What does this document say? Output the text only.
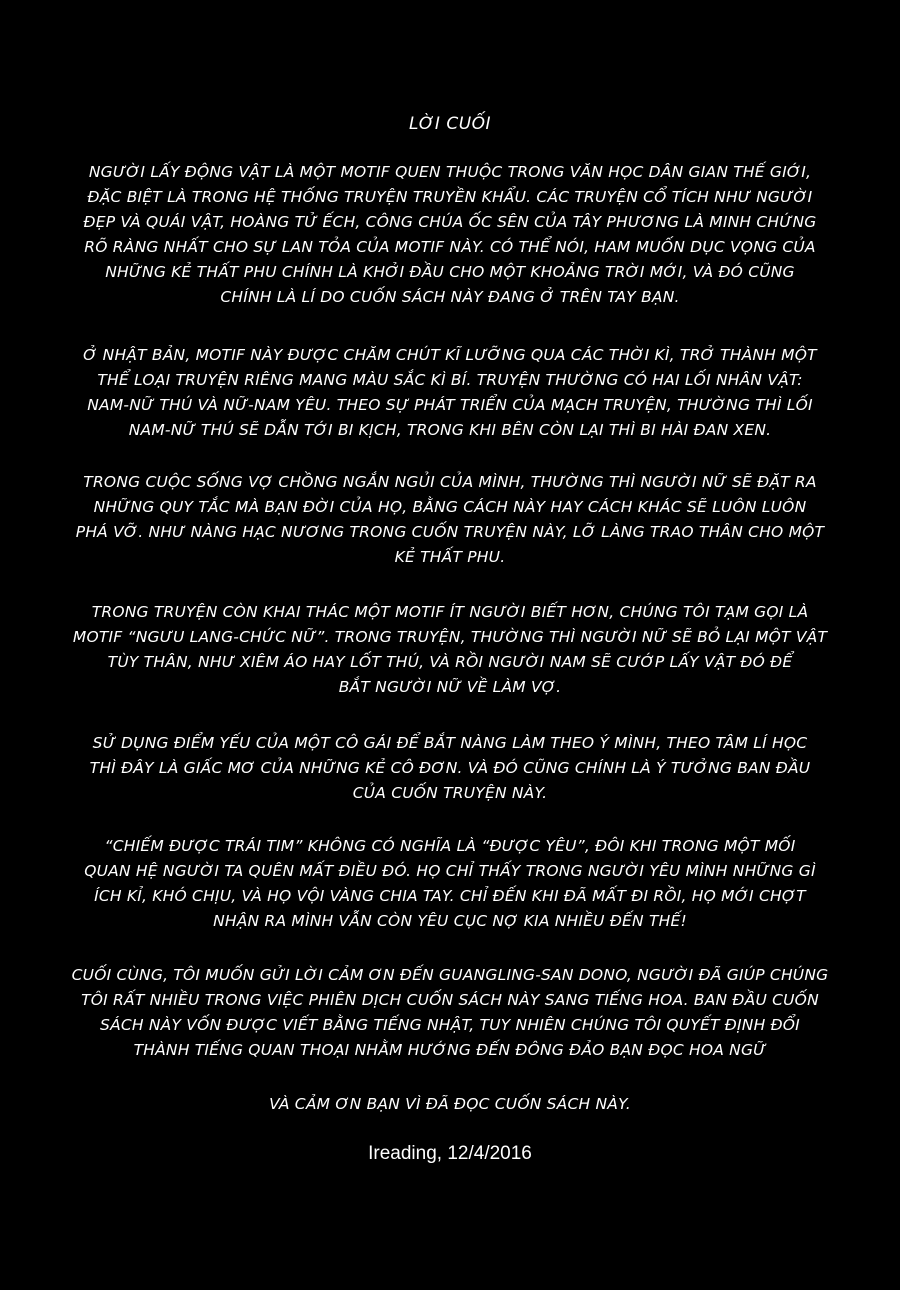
LỜI CUỐI
NGƯỜI LẤY ĐỘNG VẬT LÀ MỘT MOTIF QUEN THUỘC TRONG VĂN HỌC DÂN GIAN THẾ GIỚI,
ĐẶC BIỆT LÀ TRONG HỆ THỐNG TRUYỆN TRUYỀN KHẨU. CÁC TRUYỆN CỔ TÍCH NHƯ NGƯỜI
ĐẸP VÀ QUÁI VẬT, HOÀNG TỬ ẾCH, CÔNG CHÚA ỐC SÊN CỦA TÂY PHƯƠNG LÀ MINH CHỨNG
RÕ RÀNG NHẤT CHO SỰ LAN TỎA CỦA MOTIF NÀY. CÓ THỂ NÓI, HAM MUỐN DỤC VỌNG CỦA
NHỮNG KẺ THẤT PHU CHÍNH LÀ KHỞI ĐẦU CHO MỘT KHOẢNG TRỜI MỚI, VÀ ĐÓ CŨNG
CHÍNH LÀ LÍ DO CUỐN SÁCH NÀY ĐANG Ở TRÊN TAY BẠN.
Ở NHẬT BẢN, MOTIF NÀY ĐƯỢC CHĂM CHÚT KĨ LƯỠNG QUA CÁC THỜI KÌ, TRỞ THÀNH MỘT
THỂ LOẠI TRUYỆN RIÊNG MANG MÀU SẮC KÌ BÍ. TRUYỆN THƯỜNG CÓ HAI LỐI NHÂN VẬT:
NAM-NỮ THÚ VÀ NỮ-NAM YÊU. THEO SỰ PHÁT TRIỂN CỦA MẠCH TRUYỆN, THƯỜNG THÌ LỐI
NAM-NỮ THÚ SẼ DẪN TỚI BI KỊCH, TRONG KHI BÊN CÒN LẠI THÌ BI HÀI ĐAN XEN.
TRONG CUỘC SỐNG VỢ CHỒNG NGẮN NGỦI CỦA MÌNH, THƯỜNG THÌ NGƯỜI NỮ SẼ ĐẶT RA
NHỮNG QUY TẮC MÀ BẠN ĐỜI CỦA HỌ, BẰNG CÁCH NÀY HAY CÁCH KHÁC SẼ LUÔN LUÔN
PHÁ VỠ. NHƯ NÀNG HẠC NƯƠNG TRONG CUỐN TRUYỆN NÀY, LỠ LÀNG TRAO THÂN CHO MỘT
KẺ THẤT PHU.
TRONG TRUYỆN CÒN KHAI THÁC MỘT MOTIF ÍT NGƯỜI BIẾT HƠN, CHÚNG TÔI TẠM GỌI LÀ
MOTIF “NGƯU LANG-CHỨC NỮ”. TRONG TRUYỆN, THƯỜNG THÌ NGƯỜI NỮ SẼ BỎ LẠI MỘT VẬT
TÙY THÂN, NHƯ XIÊM ÁO HAY LỐT THÚ, VÀ RỒI NGƯỜI NAM SẼ CƯỚP LẤY VẬT ĐÓ ĐỂ
BẮT NGƯỜI NỮ VỀ LÀM VỢ.
SỬ DỤNG ĐIỂM YẾU CỦA MỘT CÔ GÁI ĐỂ BẮT NÀNG LÀM THEO Ý MÌNH, THEO TÂM LÍ HỌC
THÌ ĐÂY LÀ GIẤC MƠ CỦA NHỮNG KẺ CÔ ĐƠN. VÀ ĐÓ CŨNG CHÍNH LÀ Ý TƯỞNG BAN ĐẦU
CỦA CUỐN TRUYỆN NÀY.
“CHIẾM ĐƯỢC TRÁI TIM” KHÔNG CÓ NGHĨA LÀ “ĐƯỢC YÊU”, ĐÔI KHI TRONG MỘT MỐI
QUAN HỆ NGƯỜI TA QUÊN MẤT ĐIỀU ĐÓ. HỌ CHỈ THẤY TRONG NGƯỜI YÊU MÌNH NHỮNG GÌ
ÍCH KỈ, KHÓ CHỊU, VÀ HỌ VỘI VÀNG CHIA TAY. CHỈ ĐẾN KHI ĐÃ MẤT ĐI RỒI, HỌ MỚI CHỢT
NHẬN RA MÌNH VẪN CÒN YÊU CỤC NỢ KIA NHIỀU ĐẾN THẾ!
CUỐI CÙNG, TÔI MUỐN GỬI LỜI CẢM ƠN ĐẾN GUANGLING-SAN DONO, NGƯỜI ĐÃ GIÚP CHÚNG
TÔI RẤT NHIỀU TRONG VIỆC PHIÊN DỊCH CUỐN SÁCH NÀY SANG TIẾNG HOA. BAN ĐẦU CUỐN
SÁCH NÀY VỐN ĐƯỢC VIẾT BẰNG TIẾNG NHẬT, TUY NHIÊN CHÚNG TÔI QUYẾT ĐỊNH ĐỔI
THÀNH TIẾNG QUAN THOẠI NHẰM HƯỚNG ĐẾN ĐÔNG ĐẢO BẠN ĐỌC HOA NGỮ
VÀ CẢM ƠN BẠN VÌ ĐÃ ĐỌC CUỐN SÁCH NÀY.
Ireading, 12/4/2016
